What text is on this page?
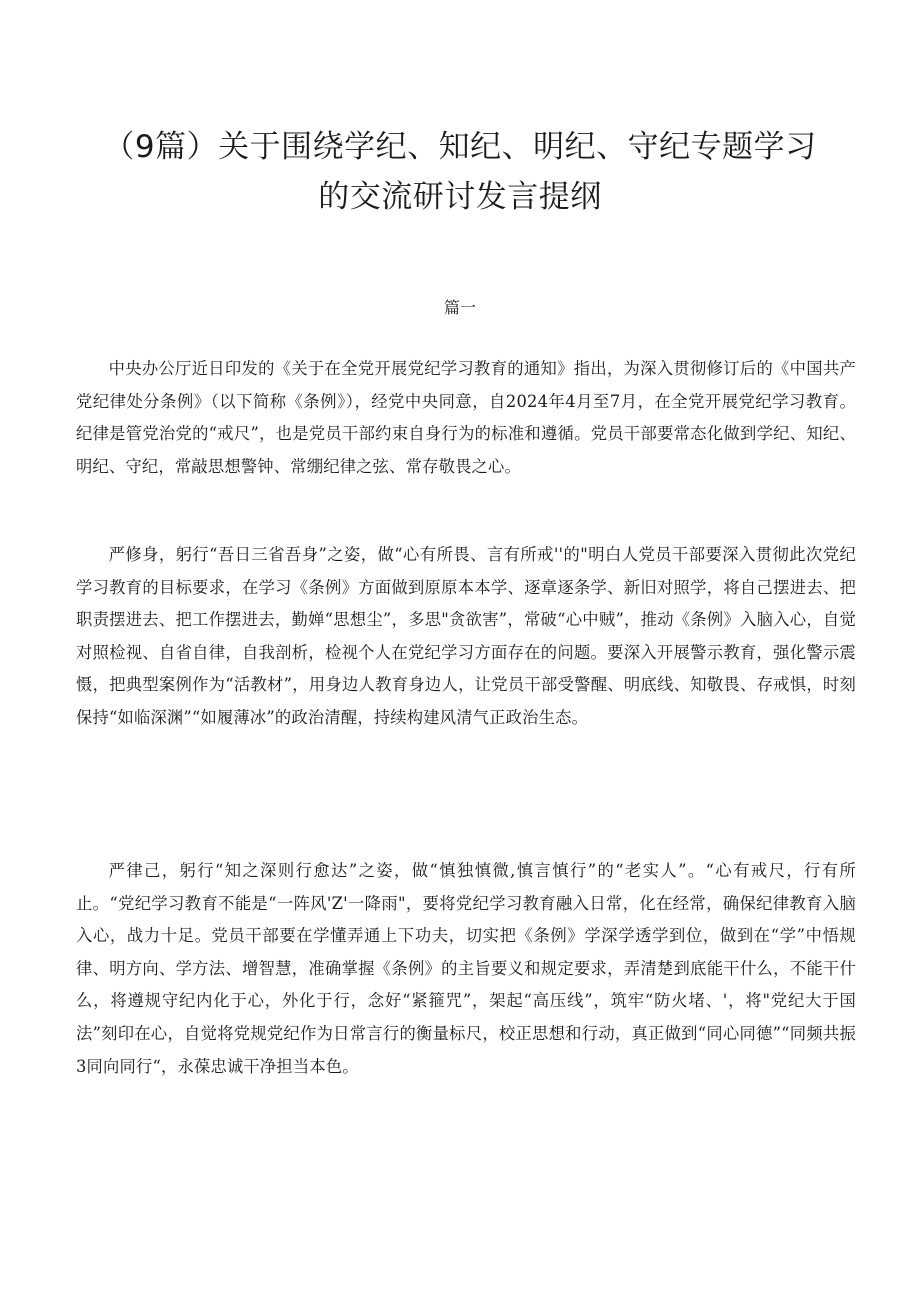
（9篇）关于围绕学纪、知纪、明纪、守纪专题学习
的交流研讨发言提纲
篇一

中央办公厅近日印发的《关于在全党开展党纪学习教育的通知》指出，为深入贯彻修订后的《中国共产党纪律处分条例》（以下简称《条例》），经党中央同意，自2024年4月至7月，在全党开展党纪学习教育。纪律是管党治党的“戒尺”，也是党员干部约束自身行为的标准和遵循。党员干部要常态化做到学纪、知纪、明纪、守纪，常敲思想警钟、常绷纪律之弦、常存敬畏之心。

严修身，躬行“吾日三省吾身”之姿，做“心有所畏、言有所戒''的"明白人党员干部要深入贯彻此次党纪学习教育的目标要求，在学习《条例》方面做到原原本本学、逐章逐条学、新旧对照学，将自己摆进去、把职责摆进去、把工作摆进去，勤婵“思想尘”，多思"贪欲害”，常破“心中贼”，推动《条例》入脑入心，自觉对照检视、自省自律，自我剖析，检视个人在党纪学习方面存在的问题。要深入开展警示教育，强化警示震慑，把典型案例作为“活教材”，用身边人教育身边人，让党员干部受警醒、明底线、知敬畏、存戒惧，时刻保持“如临深渊”“如履薄冰”的政治清醒，持续构建风清气正政治生态。

严律己，躬行“知之深则行愈达”之姿，做“慎独慎微,慎言慎行”的“老实人”。“心有戒尺，行有所止。“党纪学习教育不能是“一阵风'Z'一降雨"，要将党纪学习教育融入日常，化在经常，确保纪律教育入脑入心，战力十足。党员干部要在学懂弄通上下功夫，切实把《条例》学深学透学到位，做到在“学”中悟规律、明方向、学方法、增智慧，准确掌握《条例》的主旨要义和规定要求，弄清楚到底能干什么，不能干什么，将遵规守纪内化于心，外化于行，念好“紧箍咒”，架起“高压线”，筑牢“防火堵、'，将"党纪大于国法”刻印在心，自觉将党规党纪作为日常言行的衡量标尺，校正思想和行动，真正做到“同心同德”“同频共振3同向同行“，永葆忠诚干净担当本色。
